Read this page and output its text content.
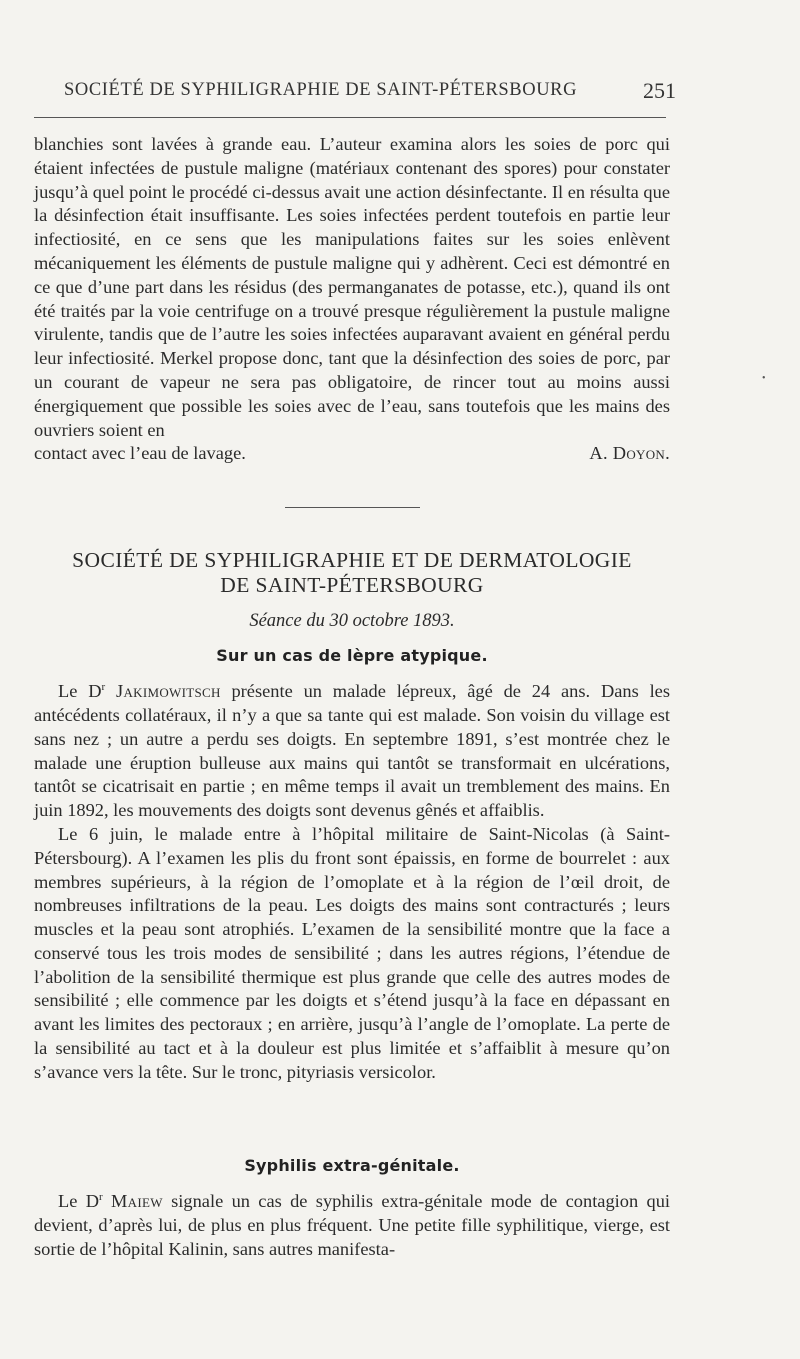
SOCIÉTÉ DE SYPHILIGRAPHIE DE SAINT-PÉTERSBOURG	251

blanchies sont lavées à grande eau. L’auteur examina alors les soies de porc qui étaient infectées de pustule maligne (matériaux contenant des spores) pour constater jusqu’à quel point le procédé ci-dessus avait une action désinfectante. Il en résulta que la désinfection était insuffisante. Les soies infectées perdent toutefois en partie leur infectiosité, en ce sens que les manipulations faites sur les soies enlèvent mécaniquement les éléments de pustule maligne qui y adhèrent. Ceci est démontré en ce que d’une part dans les résidus (des permanganates de potasse, etc.), quand ils ont été traités par la voie centrifuge on a trouvé presque régulièrement la pustule maligne virulente, tandis que de l’autre les soies infectées auparavant avaient en général perdu leur infectiosité. Merkel propose donc, tant que la désinfection des soies de porc, par un courant de vapeur ne sera pas obligatoire, de rincer tout au moins aussi énergiquement que possible les soies avec de l’eau, sans toutefois que les mains des ouvriers soient en

contact avec l’eau de lavage.	A. Doyon.
SOCIÉTÉ DE SYPHILIGRAPHIE ET DE DERMATOLOGIE
DE SAINT-PÉTERSBOURG
Séance du 30 octobre 1893.
Sur un cas de lèpre atypique.

Le $D^r$ Jakimowitsch présente un malade lépreux, âgé de 24 ans. Dans les antécédents collatéraux, il n’y a que sa tante qui est malade. Son voisin du village est sans nez ; un autre a perdu ses doigts. En septembre 1891, s’est montrée chez le malade une éruption bulleuse aux mains qui tantôt se transformait en ulcérations, tantôt se cicatrisait en partie ; en même temps il avait un tremblement des mains. En juin 1892, les mouvements des doigts sont devenus gênés et affaiblis.

Le 6 juin, le malade entre à l’hôpital militaire de Saint-Nicolas (à Saint-Pétersbourg). A l’examen les plis du front sont épaissis, en forme de bourrelet : aux membres supérieurs, à la région de l’omoplate et à la région de l’œil droit, de nombreuses infiltrations de la peau. Les doigts des mains sont contracturés ; leurs muscles et la peau sont atrophiés. L’examen de la sensibilité montre que la face a conservé tous les trois modes de sensibilité ; dans les autres régions, l’étendue de l’abolition de la sensibilité thermique est plus grande que celle des autres modes de sensibilité ; elle commence par les doigts et s’étend jusqu’à la face en dépassant en avant les limites des pectoraux ; en arrière, jusqu’à l’angle de l’omoplate. La perte de la sensibilité au tact et à la douleur est plus limitée et s’affaiblit à mesure qu’on s’avance vers la tête. Sur le tronc, pityriasis versicolor.

Syphilis extra-génitale.

Le $D^r$ Maiew signale un cas de syphilis extra-génitale mode de contagion qui devient, d’après lui, de plus en plus fréquent. Une petite fille syphilitique, vierge, est sortie de l’hôpital Kalinin, sans autres manifesta-

•
